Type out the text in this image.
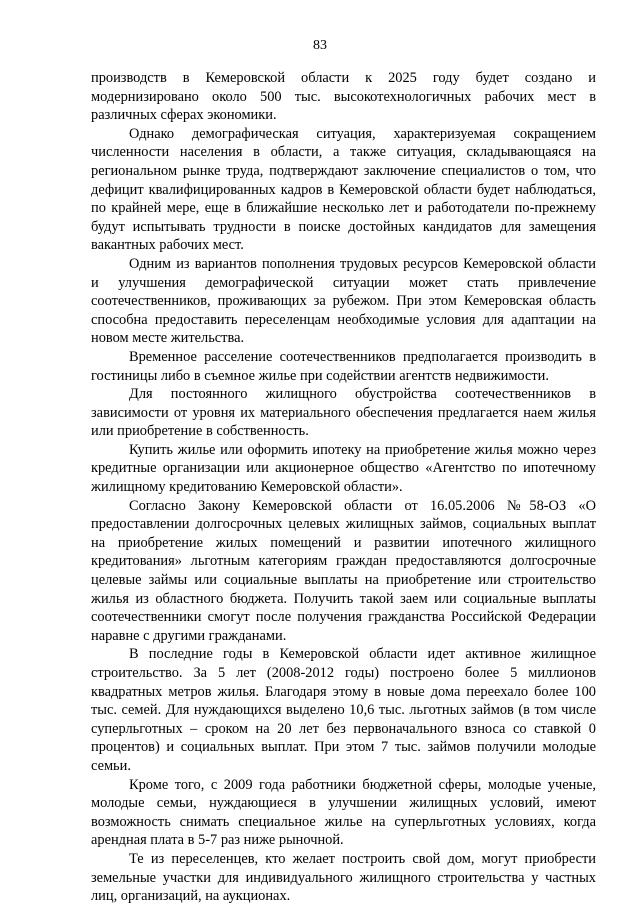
83

производств в Кемеровской области к 2025 году будет создано и модернизировано около 500 тыс. высокотехнологичных рабочих мест в различных сферах экономики.

Однако демографическая ситуация, характеризуемая сокращением численности населения в области, а также ситуация, складывающаяся на региональном рынке труда, подтверждают заключение специалистов о том, что дефицит квалифицированных кадров в Кемеровской области будет наблюдаться, по крайней мере, еще в ближайшие несколько лет и работодатели по-прежнему будут испытывать трудности в поиске достойных кандидатов для замещения вакантных рабочих мест.

Одним из вариантов пополнения трудовых ресурсов Кемеровской области и улучшения демографической ситуации может стать привлечение соотечественников, проживающих за рубежом. При этом Кемеровская область способна предоставить переселенцам необходимые условия для адаптации на новом месте жительства.

Временное расселение соотечественников предполагается производить в гостиницы либо в съемное жилье при содействии агентств недвижимости.

Для постоянного жилищного обустройства соотечественников в зависимости от уровня их материального обеспечения предлагается наем жилья или приобретение в собственность.

Купить жилье или оформить ипотеку на приобретение жилья можно через кредитные организации или акционерное общество «Агентство по ипотечному жилищному кредитованию Кемеровской области».

Согласно Закону Кемеровской области от 16.05.2006 №58-ОЗ «О предоставлении долгосрочных целевых жилищных займов, социальных выплат на приобретение жилых помещений и развитии ипотечного жилищного кредитования» льготным категориям граждан предоставляются долгосрочные целевые займы или социальные выплаты на приобретение или строительство жилья из областного бюджета. Получить такой заем или социальные выплаты соотечественники смогут после получения гражданства Российской Федерации наравне с другими гражданами.

В последние годы в Кемеровской области идет активное жилищное строительство. За 5 лет (2008-2012 годы) построено более 5 миллионов квадратных метров жилья. Благодаря этому в новые дома переехало более 100 тыс. семей. Для нуждающихся выделено 10,6 тыс. льготных займов (в том числе суперльготных – сроком на 20 лет без первоначального взноса со ставкой 0 процентов) и социальных выплат. При этом 7 тыс. займов получили молодые семьи.

Кроме того, с 2009 года работники бюджетной сферы, молодые ученые, молодые семьи, нуждающиеся в улучшении жилищных условий, имеют возможность снимать специальное жилье на суперльготных условиях, когда арендная плата в 5-7 раз ниже рыночной.

Те из переселенцев, кто желает построить свой дом, могут приобрести земельные участки для индивидуального жилищного строительства у частных лиц, организаций, на аукционах.
